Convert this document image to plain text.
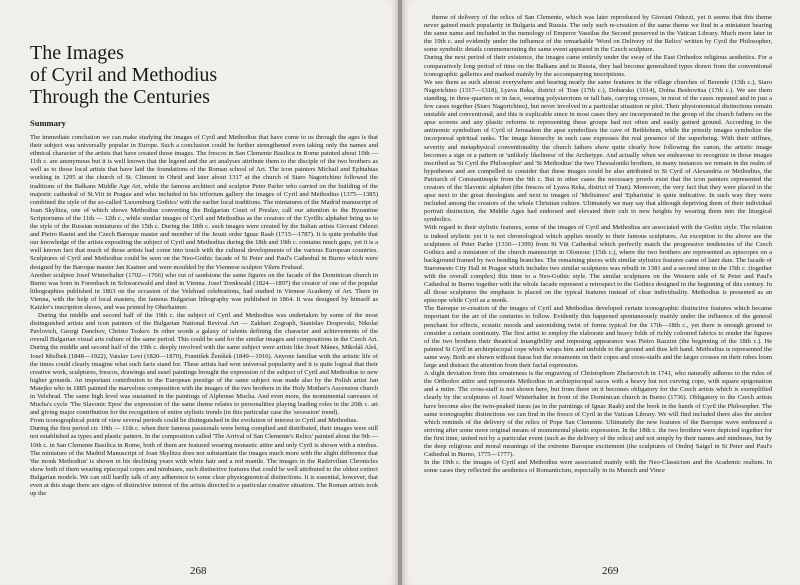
The Images
of Cyril and Methodius
Through the Centuries
Summary

The immediate conclusion we can make studying the images of Cyril and Methodius that have come to us through the ages is that their subject was universally popular in Europe. Such a conclusion could be further strengthened even taking only the names and ethnical character of the artists that have created those images. The frescos in San Clemente Basilica in Rome painted about 10th — 11th c. are anonymous but it is well known that the legend and the art analyses attribute them to the disciple of the two brothers as well as to those local artists that have laid the foundations of the Roman school of Art. The icon painters Michail and Ephtahias working in 1295 at the church of St. Climent in Ohrid and later about 1317 at the church of Staro Nagorichino followed the traditions of the Balkans Middle Age Art, while the famous architect and sculptor Peter Parler who carried on the building of the majestic cathedral of St.Vitt in Prague and who included in his triforium gallery the images of Cyril and Methodius (1375—1385) combined the style of the so-called 'Luxemburg Gothics' with the earlier local traditions. The miniatures of the Madrid manuscript of Joan Skylitza, one of which shows Methodius converting the Bulgarian Court of Preslav, call our attention to the Byzantine Scriptoriums of the 11th — 12th c., while similar images of Cyril and Methodius as the creators of the Cyrillic alphabet bring us to the style of the Russian miniatures of the 15th c. During the 18th c. such images were created by the Italian artists Giovani Odezzi and Pietro Rasini and the Czech Baroque master and member of the Jesuit order Ignac Raab (1715—1787). It is quite probable that our knowledge of the artists expositing the subject of Cyril and Methodius during the 18th and 19th c. contains much gaps, yet it is a well known fact that much of those artists had come into touch with the cultural developments of the various European countries. Sculptures of Cyril and Methodius could be seen on the Neo-Gothic facade of St Peter and Paul's Cathedral in Burno which were designed by the Baroque master Jan Kastner and were moulded by the Viennese sculptor Vilem Fruhauf.

Another sculptor Josef Winterhalter (1702—1766) who cut of sandstone the same figures on the facade of the Dominican church in Burno was born in Forenbach in Schwarzwald and died in Vienna. Josef Trenkwald (1824—1897) the creator of one of the popular lithographies published in 1863 on the occasion of the Velehrad celebrations, had studied in Vienese Academy of Art. There in Vienna, with the help of local masters, the famous Bulgarian lithography was published in 1864. It was designed by himself as Katzler's inscription shows, and was printed by Oberhaimer.

During the middle and second half of the 19th c. the subject of Cyril and Methodius was undertaken by some of the most distinguished artists and icon painters of the Bulgarian National Revival Art — Zakhari Zograph, Stanislav Dospevski, Nikolai Pavlovich, Georgi Danchov, Christo Tsokev. In other words a galaxy of talents defining the character and achievements of the overall Bulgarian visual arts culture of the same period. This could be said for the similar images and compositions in the Czech Art. During the middle and second half of the 19th c. deeply involved with the same subject were artists like Josef Mánes, Mikoláš Aleš, Josef Mislbek (1848—1922), Vatslav Levi (1820—1870), František Ženíšek (1849—1916). Anyone familiar with the artistic life of the times could clearly imagine what such facts stand for. These artists had won universal popularity and it is quite logical that their creative work, sculptures, frescos, drawings and easel paintings brought the expression of the subject of Cyril and Methodius to new higher grounds. An important contribution to the European prestige of the same subject was made also by the Polish artist Jan Matejko who in 1885 painted the marvelous composition with the images of the two brothers in the Holy Mother's Ascension church in Velehrad. The same high level was sustained in the paintings of Alphonse Mucha. And even more, the monumental canvases of Mucha's cycle 'The Slavonic Epos' the expression of the same theme relates to personalities playing leading roles in the 20th c. art and giving major contribution for the recognition of entire stylistic trends (in this particular case the 'secession' trend).

From iconographical point of view several periods could be distinguished in the evolution of interest to Cyril and Methodius.

During the first period cir. 10th — 11th c. when their famous passionals were being complied and distributed, their images were still not established as types and plastic pattern. In the composition called 'The Arrival of San Clemente's Relics' painted about the 9th — 10th c. in San Clemente Basilica in Rome, both of them are featured wearing monastic attire and only Cyril is shown with a nimbus. The miniature of the Madrid Manuscript of Joan Skylitza does not substantiate the images much more with the slight difference that 'the monk Methodius' is shown in his declining years with white hair and a red mantle. The images in the Radzivilian Chronicles show both of them wearing episcopal copes and nimbuses, such distinctive features that could be well attributed to the oldest extinct Bulgarian models. We can still hardly talk of any adherence to some clear physiognomical distinctions. It is essential, however, that even at this stage there are signs of distinctive interest of the artists directed to a particular creative situation. The Roman artists took up the

268

theme of delivery of the relics of San Clemente, which was later reproduced by Giovani Odezzi, yet it seems that this theme never gained much popularity in Bulgaria and Russia. The only such re-creation of the same theme we find in a miniature bearing the same name and included in the menology of Emperor Vassilus the Second preserved in the Vatican Library. Much more later in the 19th c. and evidently under the influence of the remarkable 'Word on Delivery of the Relics' written by Cyril the Philosopher, some symbolic details commemorating the same event appeared in the Czech sculpture.

During the next period of their existence, the images came entirely under the sway of the East Orthodox religious aesthetics. For a comparatively long period of time on the Balkans and in Russia, they had become generalized types drawn from the conventional iconographic galleries and marked mainly by the accompanying inscriptions.

We see them as such almost everywhere and bearing nearly the same features in the village churches of Berende (13th c.), Staro Nagorichino (1317—1318), Lyava Reka, district of Tran (17th c.), Dobarsko (1614), Dolna Beshovitsa (17th c.). We see them standing, in three-quarters or in face, wearing polystavrions or tall hats, carrying crosses, in most of the cases repeated and in just a few cases together (Staro Nagorichino), but never involved in a particular situation or plot. Their physionomical distinctions remain unstable and conventional, and this is explicable since in most cases they are incorporated in the group of the church fathers on the apse screens and any plastic reforms in representing these groups had not often and easily gained ground. According to the antinomic symbolism of Cyril of Jerusalem the apse symbolizes the cave of Bethlehem, while the priestly images symbolize the incorporeal spiritual ranks. The image hierarchy in such case expresses the real presence of the superbeing. With their stiffnes, severity and metaphysical conventionality the church fathers show quite clearly how following the canon, the artistic image becomes a sign or a pattern or 'unlikely likeliness' of the Archetype. And actually when we endeavour to recognize in those images inscribed as 'St Cyril the Philosopher' and 'St Methodius' the two Thessaloniki brothers, in many instances we remain in the realm of hypotheses and are compelled to consider that these images could be also attributed to St Cyril of Alexandria or Methodius, the Patriarch of Constantinople from the 9th c. But in other cases the necessary proofs exist that the icon painters represented the creators of the Slavonic alphabet (the frescos of Lyava Reka, district of Tran). Moreover, the very fact that they were placed in the apse next to the great theologists and next to images of 'Melisimos' and 'Epharistia' is quite indicative. In such way they were included among the creators of the whole Christian culture. Ultimately we may say that although depriving them of their individual portrait distinction, the Middle Ages had endorsed and elevated their cult to new heights by wearing them into the liturgical symbolics.

With regard to their stylistic features, some of the images of Cyril and Methodius are associated with the Gothic style. The relation is indeed stylistic yet it is not chronological which applies mostly to their famous sculptures. An exception to the above are the sculptures of Peter Parler (1330—1399) from St Vitt Cathedral which perfectly match the progressive tendencies of the Czech Gothics and a miniature of the church manuscript in Olomouc (15th c.), where the two brothers are represented as episcopes on a background framed by two bending branches. The remaining pieces with similar stylistics features came of later date. The facade of Staromesto City Hall in Prague which includes two similar sculptures was rebuilt in 1381 and a second time in the 15th c. (together with the overall complex) this time to a Neo-Gothic style. The similar sculptures on the Western side of St Peter and Paul's Cathedral in Burno together with the whole facade represent a retrospect to the Gothics designed in the beginning of this century. In all those sculptures the emphasis is placed on the typical features instead of clear individuality. Methodius is presented as an episcope while Cyril as a monk.

The Baroque re-creation of the images of Cyril and Methodius developed certain iconographic distinctive features which became important for the art of the centuries to follow. Evidently this happened spontaneously mainly under the influence of the general penchant for effects, ecstatic moods and astonishing twist of forms typical for the 17th—18th c., yet there is enough ground to consider a certain continuity. The first artist to employ the elaborate and heavy folds of richly coloured fabrics to render the figures of the two brothers their theatrical intangibility and imposing appearance was Pietro Razzini (the beginning of the 18th c.). He painted St Cyril in archiepiscopal cope which wraps him and unfolds to the ground and thus left hand. Methodius is represented the same way. Both are shown without tiaras but the ornaments on their copes and cross-staffs and the larger crosses on their robes loom large and distract the attention from their facial expression.

A slight deviation from this ornateness is the engraving of Christophore Zhefarovich in 1741, who naturally adheres to the rules of the Orthodox attire and represents Methodius in archiepiscopal sacos with a heavy but not curving cope, with square epigonation and a mitre. The cross-staff is not shown here, but from there on it becomes obligatory for the Czech artists which is exemplified clearly by the sculptures of Josef Winterhalter in front of the Dominican church in Burno (1736). Obligatory to the Czech artists have become also the twin-peaked tiaras (as in the paintings of Ignac Raab) and the book in the hands of Cyril the Philosopher. The same iconographic distinctions we can find in the fresco of Cyril in the Vatican Library. We will find included there also the anchor which reminds of the delivery of the relics of Pope San Clemente. Ultimately the new features of the Baroque wave embraced a striving after some more original means of monumental plastic expression. In the 18th c. the two brothers were depicted together for the first time, united not by a particular event (such as the delivery of the relics) and not simply by their names and nimbuses, but by the deep religious and moral meanings of the extreme Baroque excitement (the sculptures of Ondrej Saigel in St Peter and Paul's Cathedral in Burno, 1775—1777).

In the 19th c. the images of Cyril and Methodius were associated mainly with the Neo-Classicism and the Academic realism. In some cases they reflected the aesthetics of Romanticism, especially in its Munich and Vince

269
